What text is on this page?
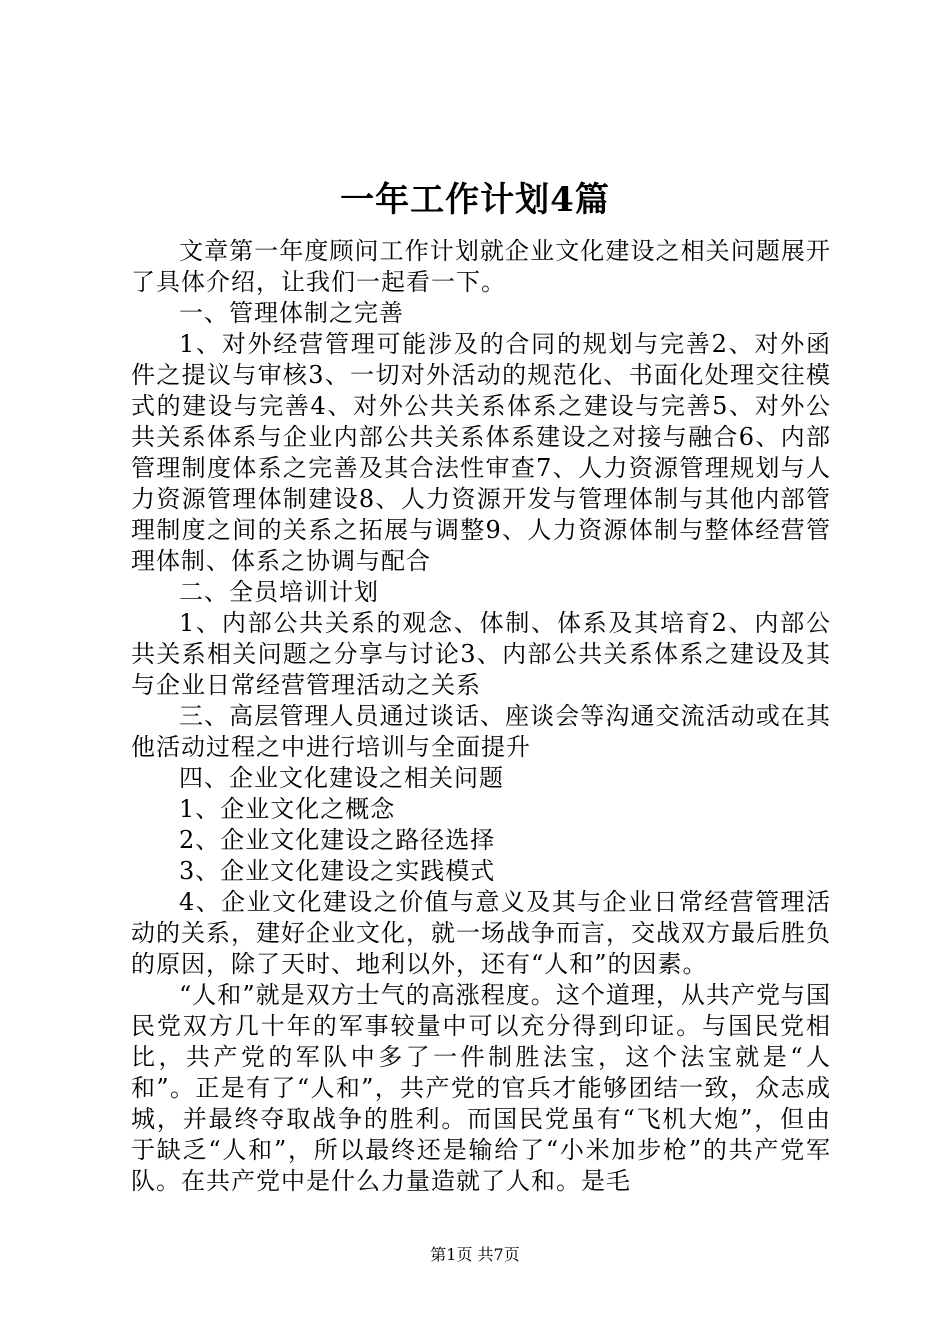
一年工作计划4篇

文章第一年度顾问工作计划就企业文化建设之相关问题展开了具体介绍，让我们一起看一下。

一、管理体制之完善

1、对外经营管理可能涉及的合同的规划与完善2、对外函件之提议与审核3、一切对外活动的规范化、书面化处理交往模式的建设与完善4、对外公共关系体系之建设与完善5、对外公共关系体系与企业内部公共关系体系建设之对接与融合6、内部管理制度体系之完善及其合法性审查7、人力资源管理规划与人力资源管理体制建设8、人力资源开发与管理体制与其他内部管理制度之间的关系之拓展与调整9、人力资源体制与整体经营管理体制、体系之协调与配合

二、全员培训计划

1、内部公共关系的观念、体制、体系及其培育2、内部公共关系相关问题之分享与讨论3、内部公共关系体系之建设及其与企业日常经营管理活动之关系

三、高层管理人员通过谈话、座谈会等沟通交流活动或在其他活动过程之中进行培训与全面提升

四、企业文化建设之相关问题

1、企业文化之概念

2、企业文化建设之路径选择

3、企业文化建设之实践模式

4、企业文化建设之价值与意义及其与企业日常经营管理活动的关系，建好企业文化，就一场战争而言，交战双方最后胜负的原因，除了天时、地利以外，还有“人和”的因素。

“人和”就是双方士气的高涨程度。这个道理，从共产党与国民党双方几十年的军事较量中可以充分得到印证。与国民党相比，共产党的军队中多了一件制胜法宝，这个法宝就是“人和”。正是有了“人和”，共产党的官兵才能够团结一致，众志成城，并最终夺取战争的胜利。而国民党虽有“飞机大炮”，但由于缺乏“人和”，所以最终还是输给了“小米加步枪”的共产党军队。在共产党中是什么力量造就了人和。是毛

第1页 共7页
